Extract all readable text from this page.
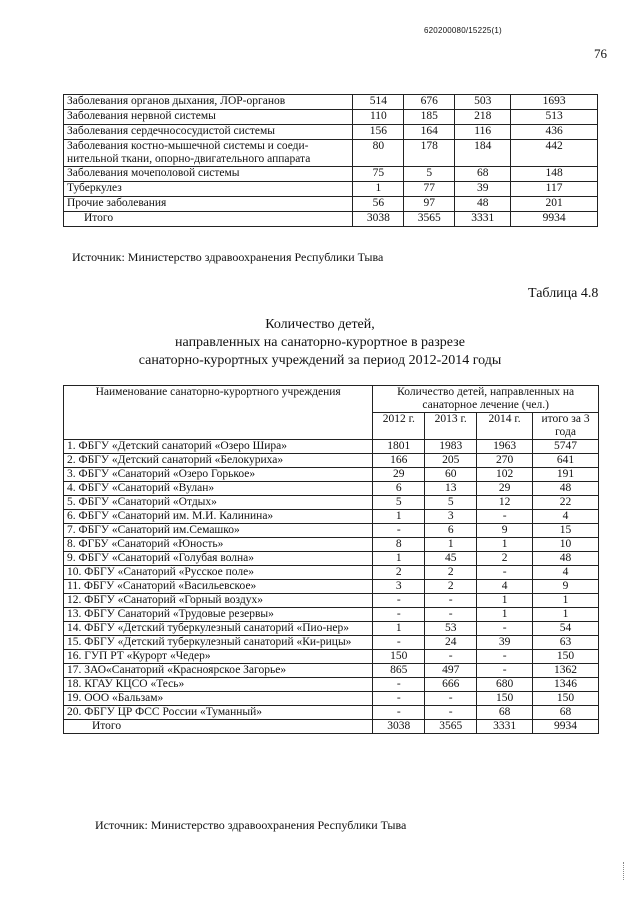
620200080/15225(1)
76
Заболевания органов дыхания, ЛОР-органов	514	676	503	1693
Заболевания нервной системы	110	185	218	513
Заболевания сердечнососудистой системы	156	164	116	436
Заболевания костно-мышечной системы и соеди-нительной ткани, опорно-двигательного аппарата	80	178	184	442
Заболевания мочеполовой системы	75	5	68	148
Туберкулез	1	77	39	117
Прочие заболевания	56	97	48	201
Итого	3038	3565	3331	9934
Источник: Министерство здравоохранения Республики Тыва
Таблица 4.8
Количество детей,
направленных на санаторно-курортное в разрезе
санаторно-курортных учреждений за период 2012-2014 годы
Наименование санаторно-курортного учреждения	Количество детей, направленных на санаторное лечение (чел.)			
	2012 г.	2013 г.	2014 г.	итого за 3 года
1. ФБГУ «Детский санаторий «Озеро Шира»	1801	1983	1963	5747
2. ФБГУ «Детский санаторий «Белокуриха»	166	205	270	641
3. ФБГУ «Санаторий «Озеро Горькое»	29	60	102	191
4. ФБГУ «Санаторий «Вулан»	6	13	29	48
5. ФБГУ «Санаторий «Отдых»	5	5	12	22
6. ФБГУ «Санаторий им. М.И. Калинина»	1	3	-	4
7. ФБГУ «Санаторий им.Семашко»	-	6	9	15
8. ФГБУ «Санаторий «Юность»	8	1	1	10
9. ФБГУ «Санаторий «Голубая волна»	1	45	2	48
10. ФБГУ «Санаторий «Русское поле»	2	2	-	4
11. ФБГУ «Санаторий «Васильевское»	3	2	4	9
12. ФБГУ «Санаторий «Горный воздух»	-	-	1	1
13. ФБГУ Санаторий «Трудовые резервы»	-	-	1	1
14. ФБГУ «Детский туберкулезный санаторий «Пио-нер»	1	53	-	54
15. ФБГУ «Детский туберкулезный санаторий «Ки-рицы»	-	24	39	63
16. ГУП РТ «Курорт «Чедер»	150	-	-	150
17. ЗАО«Санаторий «Красноярское Загорье»	865	497	-	1362
18. КГАУ КЦСО «Тесь»	-	666	680	1346
19. ООО «Бальзам»	-	-	150	150
20. ФБГУ ЦР ФСС России «Туманный»	-	-	68	68
Итого	3038	3565	3331	9934
Источник: Министерство здравоохранения Республики Тыва
